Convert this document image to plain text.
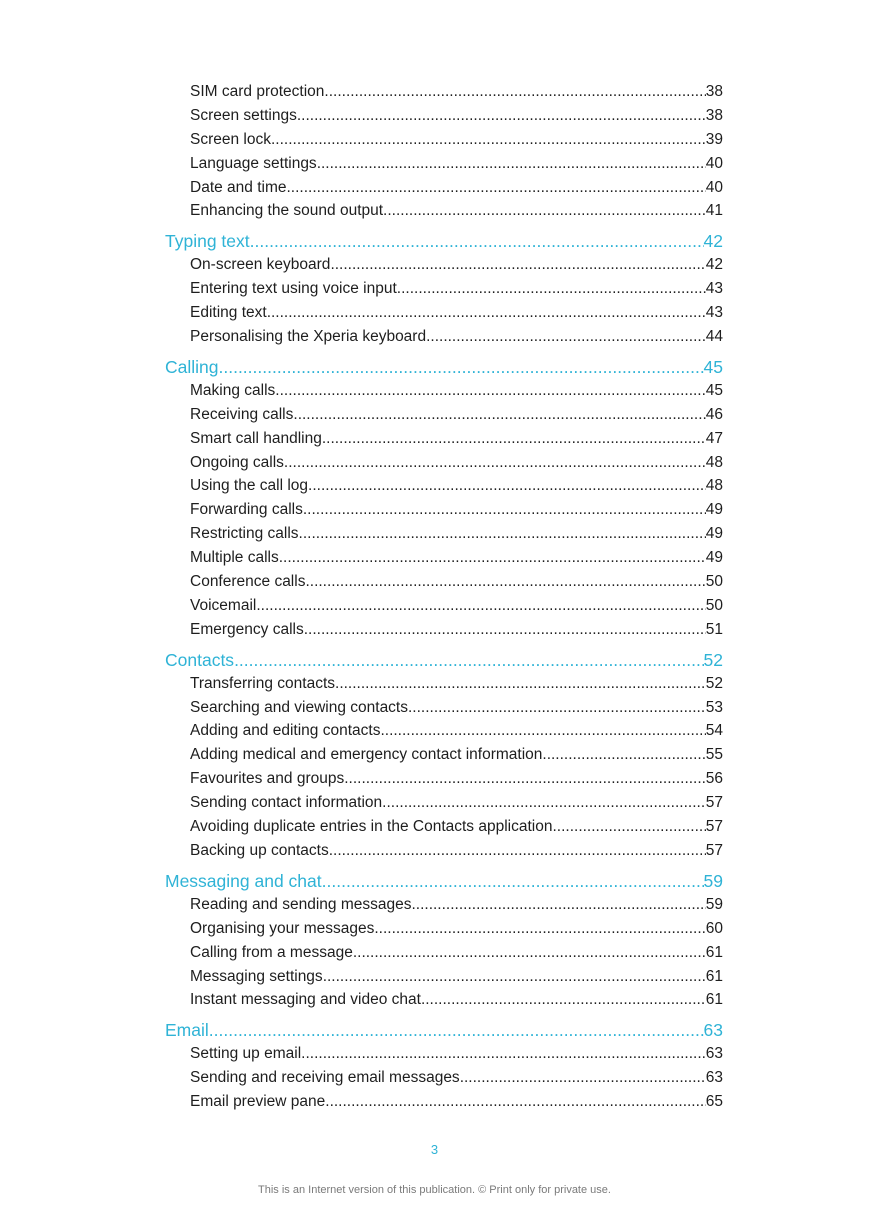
SIM card protection .....	38
Screen settings .....	38
Screen lock .....	39
Language settings .....	40
Date and time .....	40
Enhancing the sound output .....	41
Typing text .....	42
On-screen keyboard .....	42
Entering text using voice input .....	43
Editing text .....	43
Personalising the Xperia keyboard .....	44
Calling .....	45
Making calls .....	45
Receiving calls .....	46
Smart call handling .....	47
Ongoing calls .....	48
Using the call log .....	48
Forwarding calls .....	49
Restricting calls .....	49
Multiple calls .....	49
Conference calls .....	50
Voicemail .....	50
Emergency calls .....	51
Contacts .....	52
Transferring contacts .....	52
Searching and viewing contacts .....	53
Adding and editing contacts .....	54
Adding medical and emergency contact information .....	55
Favourites and groups .....	56
Sending contact information .....	57
Avoiding duplicate entries in the Contacts application .....	57
Backing up contacts .....	57
Messaging and chat .....	59
Reading and sending messages .....	59
Organising your messages .....	60
Calling from a message .....	61
Messaging settings .....	61
Instant messaging and video chat .....	61
Email .....	63
Setting up email .....	63
Sending and receiving email messages .....	63
Email preview pane .....	65
3
This is an Internet version of this publication. © Print only for private use.
